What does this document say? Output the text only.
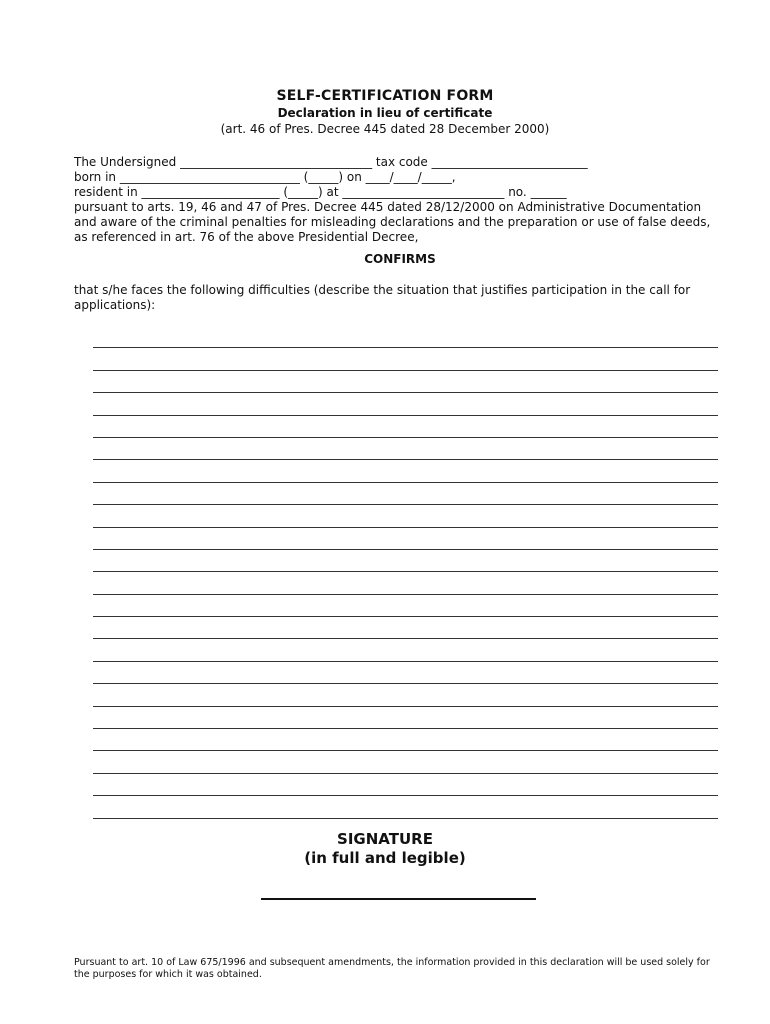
SELF-CERTIFICATION FORM
Declaration in lieu of certificate
(art. 46 of Pres. Decree 445 dated 28 December 2000)
The Undersigned ________________________________ tax code __________________________
born in ______________________________ (_____) on ____/____/_____,
resident in _______________________ (_____) at ___________________________ no. ______
pursuant to arts. 19, 46 and 47 of Pres. Decree 445 dated 28/12/2000 on Administrative Documentation and aware of the criminal penalties for misleading declarations and the preparation or use of false deeds, as referenced in art. 76 of the above Presidential Decree,
CONFIRMS
that s/he faces the following difficulties (describe the situation that justifies participation in the call for applications):
SIGNATURE
(in full and legible)
Pursuant to art. 10 of Law 675/1996 and subsequent amendments, the information provided in this declaration will be used solely for the purposes for which it was obtained.
